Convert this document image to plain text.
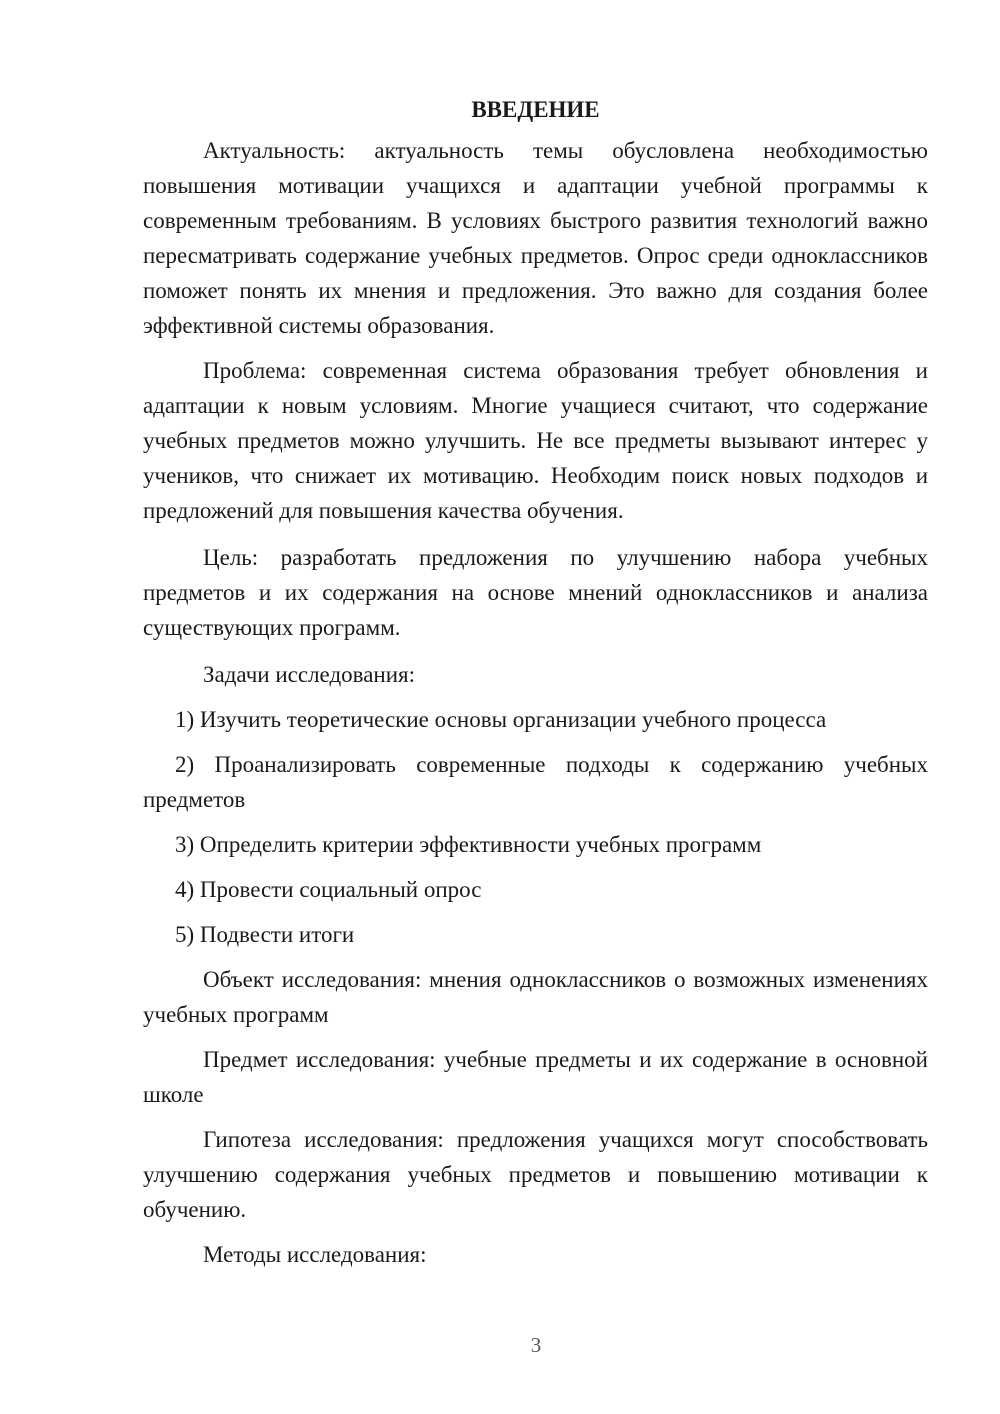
ВВЕДЕНИЕ

Актуальность: актуальность темы обусловлена необходимостью повышения мотивации учащихся и адаптации учебной программы к современным требованиям. В условиях быстрого развития технологий важно пересматривать содержание учебных предметов. Опрос среди одноклассников поможет понять их мнения и предложения. Это важно для создания более эффективной системы образования.

Проблема: современная система образования требует обновления и адаптации к новым условиям. Многие учащиеся считают, что содержание учебных предметов можно улучшить. Не все предметы вызывают интерес у учеников, что снижает их мотивацию. Необходим поиск новых подходов и предложений для повышения качества обучения.

Цель: разработать предложения по улучшению набора учебных предметов и их содержания на основе мнений одноклассников и анализа существующих программ.

Задачи исследования:

1) Изучить теоретические основы организации учебного процесса

2) Проанализировать современные подходы к содержанию учебных предметов

3) Определить критерии эффективности учебных программ

4) Провести социальный опрос

5) Подвести итоги

Объект исследования: мнения одноклассников о возможных изменениях учебных программ

Предмет исследования: учебные предметы и их содержание в основной школе

Гипотеза исследования: предложения учащихся могут способствовать улучшению содержания учебных предметов и повышению мотивации к обучению.

Методы исследования:

3
